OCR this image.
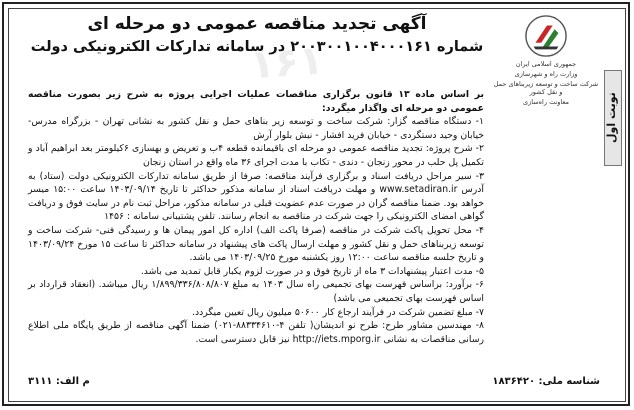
۱۶۱
نوبت اول
جمهوری اسلامی ایران
وزارت راه و شهرسازی
شرکت ساخت و توسعه زیربناهای حمل و نقل کشور
معاونت راه‌سازی
آگهی تجدید مناقصه عمومی دو مرحله ای
شماره ۲۰۰۳۰۰۱۰۰۴۰۰۰۱۶۱ در سامانه تدارکات الکترونیکی دولت

بر اساس ماده ۱۳ قانون برگزاری مناقصات عملیات اجرایی پروژه به شرح زیر بصورت مناقصه عمومی دو مرحله ای واگذار میگردد:

۱- دستگاه مناقصه گزار: شرکت ساخت و توسعه زیر بناهای حمل و نقل کشور به نشانی تهران - بزرگراه مدرس- خیابان وحید دستگردی - خیابان فرید افشار - نبش بلوار آرش

۲- شرح پروژه: تجدید مناقصه عمومی دو مرحله ای باقیمانده قطعه ۴ب و تعریض و بهسازی ۶کیلومتر بعد ابراهیم آباد و تکمیل پل حلب در محور زنجان - دندی - تکاب با مدت اجرای ۳۶ ماه واقع در استان زنجان

۳- سیر مراحل دریافت اسناد و برگزاری فرآیند مناقصه: صرفا از طریق سامانه تدارکات الکترونیکی دولت (ستاد) به آدرس www.setadiran.ir و مهلت دریافت اسناد از سامانه مذکور حداکثر تا تاریخ ۱۴۰۳/۰۹/۱۴ ساعت ۱۵:۰۰ میسر خواهد بود. ضمنا مناقصه گران در صورت عدم عضویت قبلی در سامانه مذکور، مراحل ثبت نام در سایت فوق و دریافت گواهی امضای الکترونیکی را جهت شرکت در مناقصه به انجام رسانند. تلفن پشتیبانی سامانه : ۱۴۵۶

۴- محل تحویل پاکت شرکت در مناقصه (صرفا پاکت الف) اداره کل امور پیمان ها و رسیدگی فنی- شرکت ساخت و توسعه زیربناهای حمل و نقل کشور و مهلت ارسال پاکت های پیشنهاد در سامانه حداکثر تا ساعت ۱۵ مورخ ۱۴۰۳/۰۹/۲۴ و تاریخ جلسه مناقصه ساعت ۱۲:۰۰ روز یکشنبه مورخ ۱۴۰۳/۰۹/۲۵ می باشد.

۵- مدت اعتبار پیشنهادات ۳ ماه از تاریخ فوق و در صورت لزوم یکبار قابل تمدید می باشد.

۶- برآورد: براساس فهرست بهای تجمیعی راه سال ۱۴۰۳ به مبلغ ۱/۸۹۹/۳۳۶/۸۰۸/۸۰۷ ریال میباشد. (انعقاد قرارداد بر اساس فهرست بهای تجمیعی می باشد)

۷- مبلغ تضمین شرکت در فرآیند ارجاع کار ۵۰۶۰۰ میلیون ریال تعیین میگردد.

۸- مهندسین مشاور طرح: طرح نو اندیشان( تلفن ۴-۸۸۳۳۴۶۱۰-۰۲۱) ضمنا آگهی مناقصه از طریق پایگاه ملی اطلاع رسانی مناقصات به نشانی http://iets.mporg.ir نیز قابل دسترسی است.

شناسه ملی: ۱۸۳۶۴۲۰
م الف: ۳۱۱۱
